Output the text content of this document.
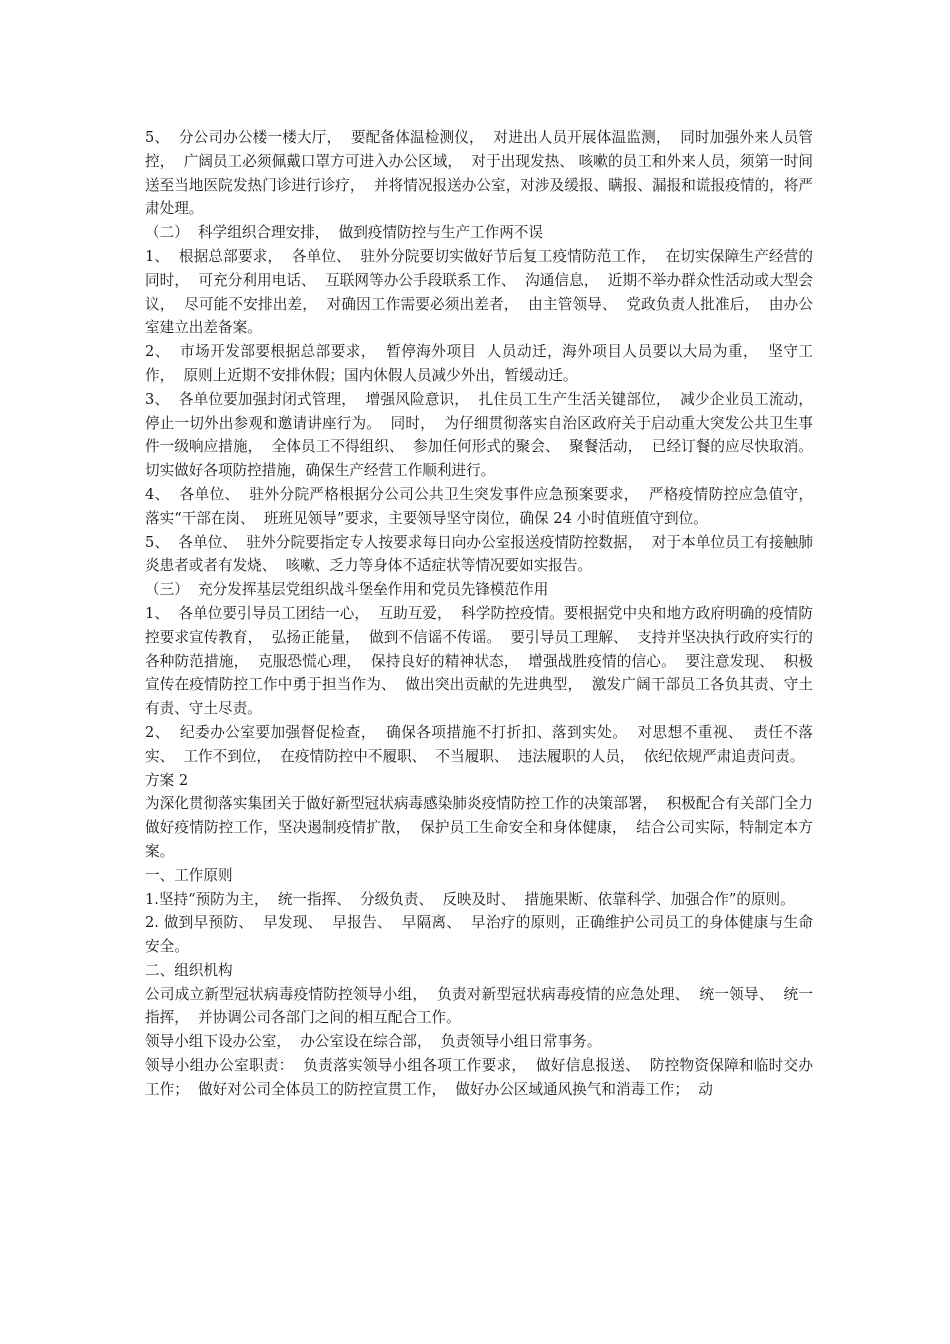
5、  分公司办公楼一楼大厅，  要配备体温检测仪，  对进出人员开展体温监测，  同时加强外来人员管控，  广阔员工必须佩戴口罩方可进入办公区域，  对于出现发热、 咳嗽的员工和外来人员，须第一时间送至当地医院发热门诊进行诊疗，  并将情况报送办公室，对涉及缓报、瞒报、漏报和谎报疫情的，将严肃处理。

（二）  科学组织合理安排，  做到疫情防控与生产工作两不误

1、  根据总部要求，  各单位、  驻外分院要切实做好节后复工疫情防范工作，  在切实保障生产经营的同时，  可充分利用电话、  互联网等办公手段联系工作、  沟通信息，  近期不举办群众性活动或大型会议，  尽可能不安排出差，  对确因工作需要必须出差者，  由主管领导、  党政负责人批准后，  由办公室建立出差备案。

2、  市场开发部要根据总部要求，  暂停海外项目  人员动迁，海外项目人员要以大局为重，  坚守工作，  原则上近期不安排休假；国内休假人员减少外出，暂缓动迁。

3、  各单位要加强封闭式管理，  增强风险意识，  扎住员工生产生活关键部位，  减少企业员工流动，  停止一切外出参观和邀请讲座行为。  同时，  为仔细贯彻落实自治区政府关于启动重大突发公共卫生事件一级响应措施，  全体员工不得组织、  参加任何形式的聚会、  聚餐活动，  已经订餐的应尽快取消。  切实做好各项防控措施，确保生产经营工作顺利进行。

4、  各单位、  驻外分院严格根据分公司公共卫生突发事件应急预案要求，  严格疫情防控应急值守，  落实“干部在岗、  班班见领导”要求，主要领导坚守岗位，确保 24 小时值班值守到位。

5、  各单位、  驻外分院要指定专人按要求每日向办公室报送疫情防控数据，  对于本单位员工有接触肺炎患者或者有发烧、  咳嗽、乏力等身体不适症状等情况要如实报告。

（三）  充分发挥基层党组织战斗堡垒作用和党员先锋模范作用

1、  各单位要引导员工团结一心，  互助互爱，  科学防控疫情。要根据党中央和地方政府明确的疫情防控要求宣传教育，  弘扬正能量，  做到不信谣不传谣。  要引导员工理解、  支持并坚决执行政府实行的各种防范措施，  克服恐慌心理，  保持良好的精神状态，  增强战胜疫情的信心。  要注意发现、  积极宣传在疫情防控工作中勇于担当作为、  做出突出贡献的先进典型，  激发广阔干部员工各负其责、守土有责、守土尽责。

2、  纪委办公室要加强督促检查，  确保各项措施不打折扣、落到实处。  对思想不重视、  责任不落实、  工作不到位，  在疫情防控中不履职、  不当履职、  违法履职的人员，  依纪依规严肃追责问责。

方案 2

为深化贯彻落实集团关于做好新型冠状病毒感染肺炎疫情防控工作的决策部署，  积极配合有关部门全力做好疫情防控工作，坚决遏制疫情扩散，  保护员工生命安全和身体健康，  结合公司实际，特制定本方案。

一、工作原则

1.坚持“预防为主，  统一指挥、  分级负责、  反映及时、  措施果断、依靠科学、加强合作”的原则。

2. 做到早预防、  早发现、  早报告、  早隔离、  早治疗的原则，正确维护公司员工的身体健康与生命安全。

二、组织机构

公司成立新型冠状病毒疫情防控领导小组，  负责对新型冠状病毒疫情的应急处理、  统一领导、  统一指挥，  并协调公司各部门之间的相互配合工作。

领导小组下设办公室，  办公室设在综合部，  负责领导小组日常事务。

领导小组办公室职责：  负责落实领导小组各项工作要求，  做好信息报送、  防控物资保障和临时交办工作；  做好对公司全体员工的防控宣贯工作，  做好办公区域通风换气和消毒工作；  动
